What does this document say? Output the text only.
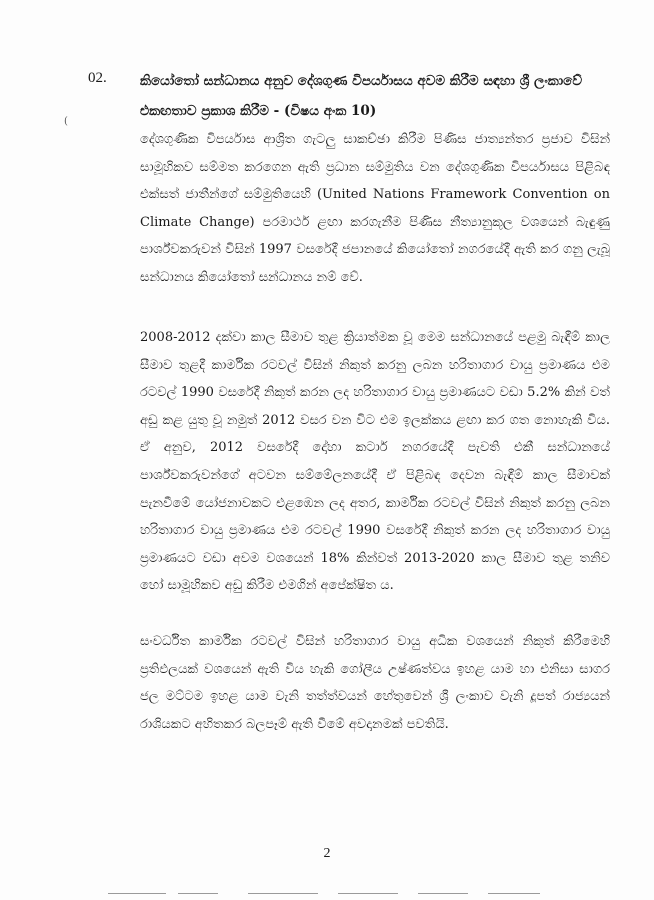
02. කියෝතෝ සන්ධානය අනුව දේශගුණ විපර්යාසය අවම කිරීම සඳහා ශ්‍රී ලංකාවේ එකඟතාව ප්‍රකාශ කිරීම - (විෂය අංක 10)
(

දේශගුණික විපර්යාස ආශ්‍රිත ගැටලු සාකච්ඡා කිරීම පිණිස ජාත්‍යන්තර ප්‍රජාව විසින් සාමූහිකව සම්මත කරගෙන ඇති ප්‍රධාන සම්මුතිය වන දේශගුණික විපර්යාසය පිළිබඳ එක්සත් ජාතීන්ගේ සම්මුතියෙහි (United Nations Framework Convention on Climate Change) පරමාර්ථ ළඟා කරගැනීම පිණිස නීත්‍යානුකූල වශයෙන් බැඳුණු පාර්ශ්වකරුවන් විසින් 1997 වසරේදී ජපානයේ කියෝතෝ නගරයේදී ඇති කර ගනු ලැබූ සන්ධානය කියෝතෝ සන්ධානය නම් වේ.

2008-2012 දක්වා කාල සීමාව තුළ ක්‍රියාත්මක වූ මෙම සන්ධානයේ පළමු බැඳීම් කාල සීමාව තුළදී කාර්මික රටවල් විසින් නිකුත් කරනු ලබන හරිතාගාර වායු ප්‍රමාණය එම රටවල් 1990 වසරේදී නිකුත් කරන ලද හරිතාගාර වායු ප්‍රමාණයට වඩා 5.2% කින් වත් අඩු කළ යුතු වූ නමුත් 2012 වසර වන විට එම ඉලක්කය ළඟා කර ගත නොහැකි විය. ඒ අනුව, 2012 වසරේදී දෝහා කටාර් නගරයේදී පැවති එකී සන්ධානයේ පාර්ශ්වකරුවන්ගේ අටවන සම්මේලනයේදී ඒ පිළිබඳ දෙවන බැඳීම් කාල සීමාවක් පැනවීමේ යෝජනාවකට එළඹෙන ලද අතර, කාර්මික රටවල් විසින් නිකුත් කරනු ලබන හරිතාගාර වායු ප්‍රමාණය එම රටවල් 1990 වසරේදී නිකුත් කරන ලද හරිතාගාර වායු ප්‍රමාණයට වඩා අවම වශයෙන් 18% කින්වත් 2013-2020 කාල සීමාව තුළ තනිව හෝ සාමූහිකව අඩු කිරීම එමගින් අපේක්ෂිත ය.

සංවර්ධිත කාර්මික රටවල් විසින් හරිතාගාර වායු අධික වශයෙන් නිකුත් කිරීමෙහි ප්‍රතිඵලයක් වශයෙන් ඇති විය හැකි ගෝලීය උෂ්ණත්වය ඉහළ යාම හා එනිසා සාගර ජල මට්ටම ඉහළ යාම වැනි තත්ත්වයන් හේතුවෙන් ශ්‍රී ලංකාව වැනි දූපත් රාජ්‍යයන් රාශියකට අහිතකර බලපෑම් ඇති වීමේ අවදානමක් පවතියි.

2
